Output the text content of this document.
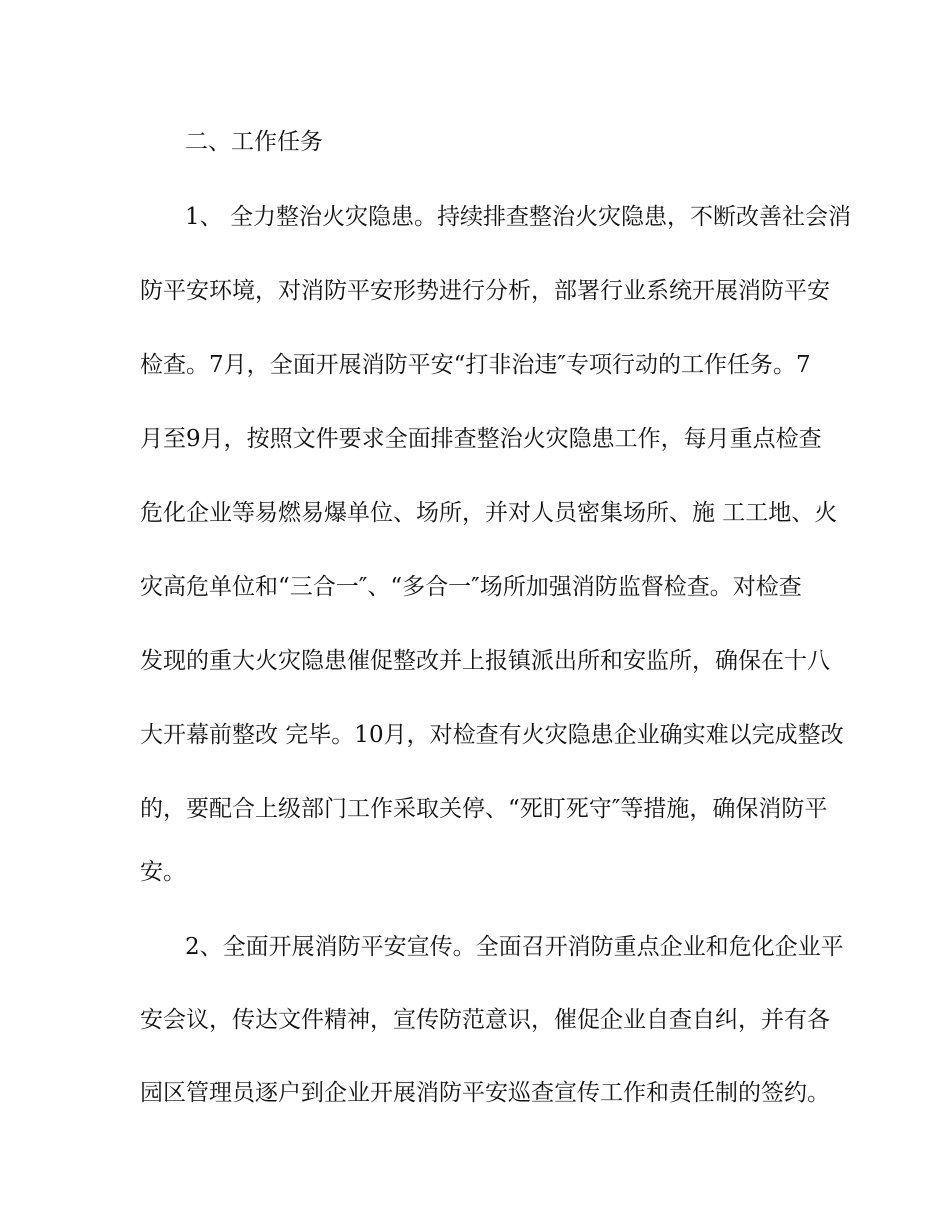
二、工作任务

1、 全力整治火灾隐患。持续排查整治火灾隐患，不断改善社会消

防平安环境，对消防平安形势进行分析，部署行业系统开展消防平安

检查。7月，全面开展消防平安“打非治违″专项行动的工作任务。7

月至9月，按照文件要求全面排查整治火灾隐患工作，每月重点检查

危化企业等易燃易爆单位、场所，并对人员密集场所、施 工工地、火

灾高危单位和“三合一″、“多合一″场所加强消防监督检查。对检查

发现的重大火灾隐患催促整改并上报镇派出所和安监所，确保在十八

大开幕前整改 完毕。10月，对检查有火灾隐患企业确实难以完成整改

的，要配合上级部门工作采取关停、“死盯死守″等措施，确保消防平

安。

2、全面开展消防平安宣传。全面召开消防重点企业和危化企业平

安会议，传达文件精神，宣传防范意识，催促企业自查自纠，并有各

园区管理员逐户到企业开展消防平安巡查宣传工作和责任制的签约。
